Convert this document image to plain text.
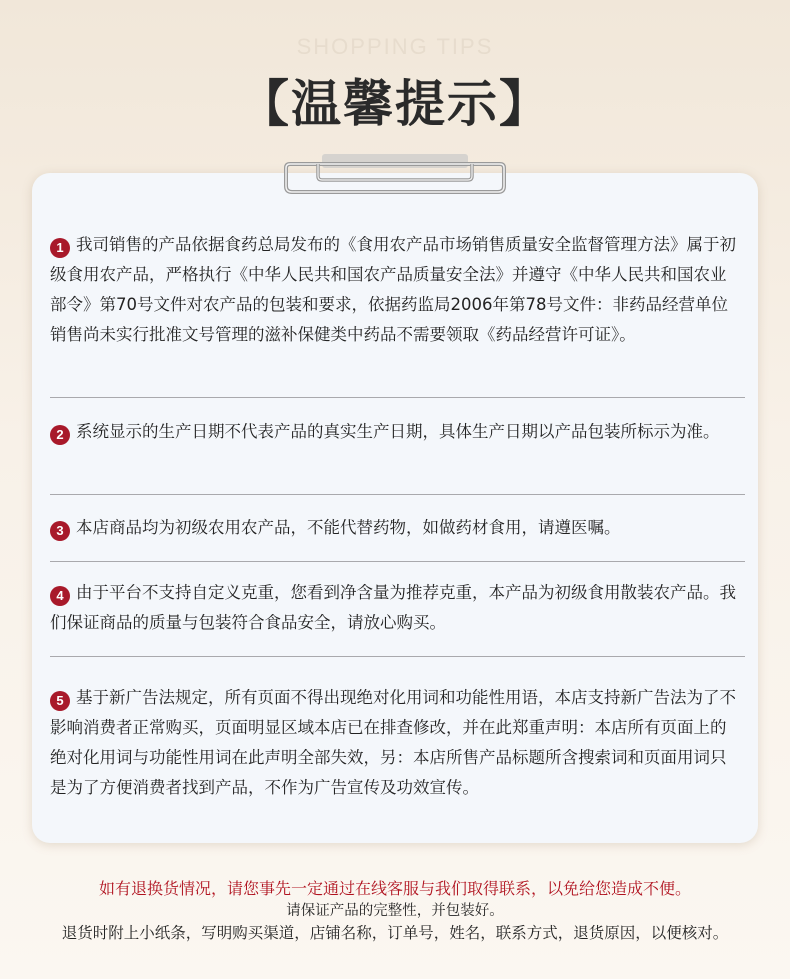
SHOPPING TIPS
【温馨提示】
1 我司销售的产品依据食药总局发布的《食用农产品市场销售质量安全监督管理方法》属于初级食用农产品，严格执行《中华人民共和国农产品质量安全法》并遵守《中华人民共和国农业部令》第70号文件对农产品的包装和要求，依据药监局2006年第78号文件：非药品经营单位销售尚未实行批准文号管理的滋补保健类中药品不需要领取《药品经营许可证》。
2 系统显示的生产日期不代表产品的真实生产日期，具体生产日期以产品包装所标示为准。
3 本店商品均为初级农用农产品，不能代替药物，如做药材食用，请遵医嘱。
4 由于平台不支持自定义克重，您看到净含量为推荐克重，本产品为初级食用散装农产品。我们保证商品的质量与包装符合食品安全，请放心购买。
5 基于新广告法规定，所有页面不得出现绝对化用词和功能性用语，本店支持新广告法为了不影响消费者正常购买，页面明显区域本店已在排查修改，并在此郑重声明：本店所有页面上的绝对化用词与功能性用词在此声明全部失效，另：本店所售产品标题所含搜索词和页面用词只是为了方便消费者找到产品，不作为广告宣传及功效宣传。
如有退换货情况，请您事先一定通过在线客服与我们取得联系，以免给您造成不便。
请保证产品的完整性，并包装好。
退货时附上小纸条，写明购买渠道，店铺名称，订单号，姓名，联系方式，退货原因，以便核对。
